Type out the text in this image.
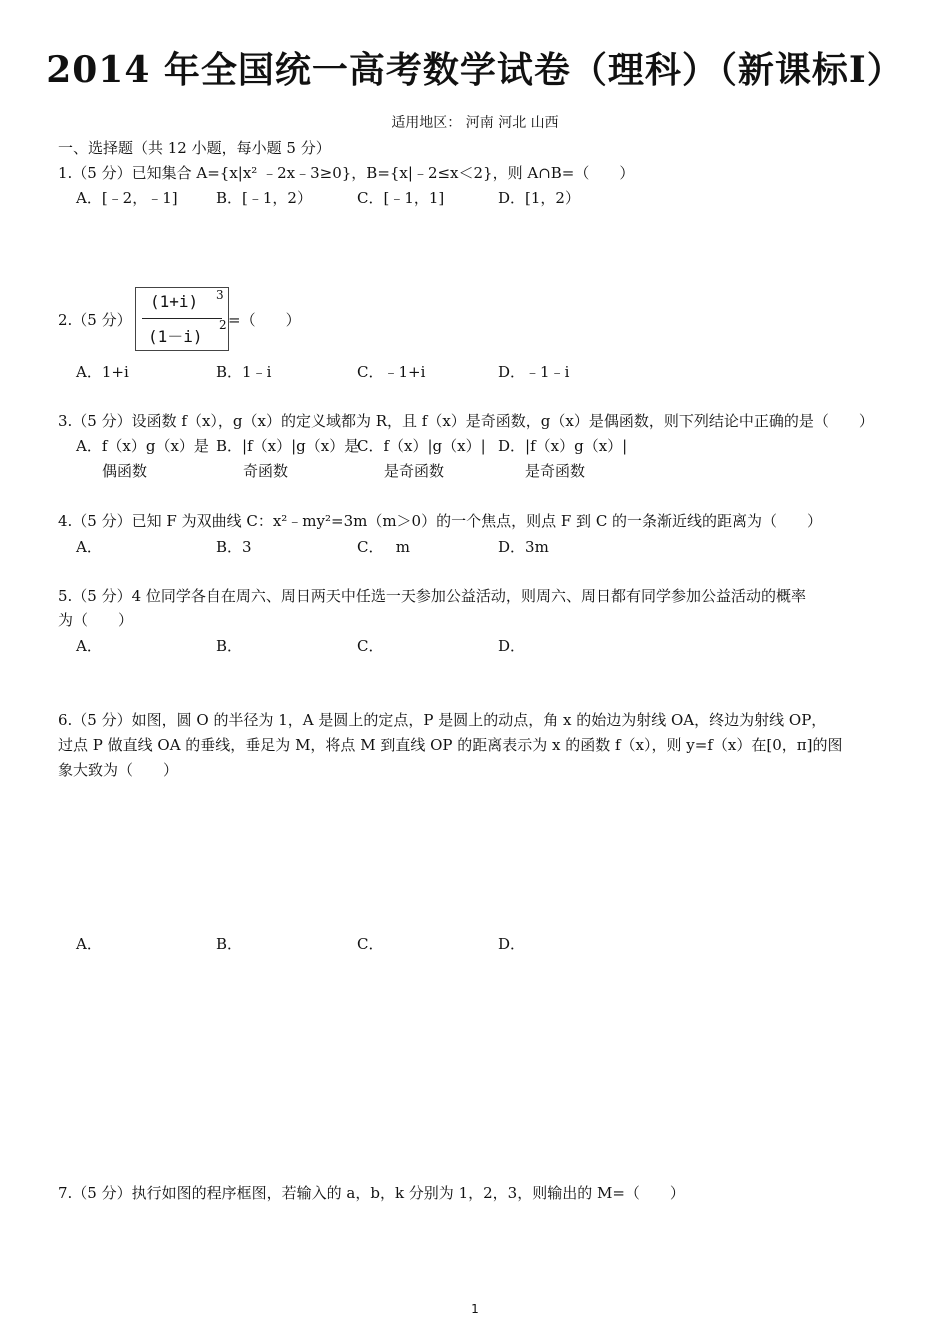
2014 年全国统一高考数学试卷（理科）（新课标Ⅰ）
适用地区： 河南 河北 山西
一、选择题（共 12 小题，每小题 5 分）
1.（5 分）已知集合 A={x|x² ﹣2x﹣3≥0}，B={x|﹣2≤x＜2}，则 A∩B=（　　）
A．[﹣2，﹣1]	B．[﹣1，2）	C．[﹣1，1]	D．[1，2）
2.（5 分）
(1+i) 3
(1－i)
2 =（　　）
A．1+i	B．1﹣i	C．﹣1+i	D．﹣1﹣i
3.（5 分）设函数 f（x），g（x）的定义域都为 R，且 f（x）是奇函数，g（x）是偶函数，则下列结论中正确的是（　　）
A．f（x）g（x）是
偶函数
B．|f（x）|g（x）是
奇函数
C．f（x）|g（x）|
是奇函数
D．|f（x）g（x）|
是奇函数
4.（5 分）已知 F 为双曲线 C：x²﹣my²=3m（m＞0）的一个焦点，则点 F 到 C 的一条渐近线的距离为（　　）
A．	B．3	C．　 m	D．3m
5.（5 分）4 位同学各自在周六、周日两天中任选一天参加公益活动，则周六、周日都有同学参加公益活动的概率
为（　　）
A．	B．	C．	D．
6.（5 分）如图，圆 O 的半径为 1，A 是圆上的定点，P 是圆上的动点，角 x 的始边为射线 OA，终边为射线 OP，
过点 P 做直线 OA 的垂线，垂足为 M，将点 M 到直线 OP 的距离表示为 x 的函数 f（x），则 y=f（x）在[0，π]的图
象大致为（　　）
A．	B．	C．	D．
7.（5 分）执行如图的程序框图，若输入的 a，b，k 分别为 1，2，3，则输出的 M=（　　）
1
